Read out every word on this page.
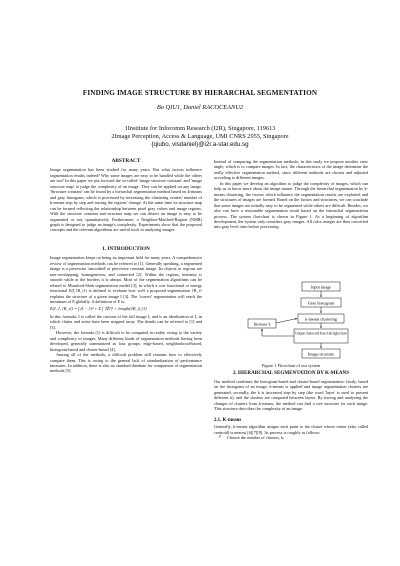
FINDING IMAGE STRUCTURE BY HIERARCHAL SEGMENTATION
Bo QIU1, Daniel RACOCEANU2
1Institute for Infocomm Research (I2R), Singapore, 119613
2Image Perception, Access & Language, UMI CNRS 2955, Singapore
{qiubo, visdaniel}@i2r.a-star.edu.sg

ABSTRACT

Image segmentation has been studied for many years. But what factors influence segmentation results indeed? Why some images are easy to be handled while the others are not? In this paper we put forward the so-called 'image structure constant' and 'image structure map' to judge the complexity of an image. They can be applied on any image. 'Structure constant' can be found by a hierarchal segmentation method based on k-means and gray histogram, which is processed by increasing the clustering centers' number of k-means step by step and tracing the regions' change. At the same time its structure map can be formed reflecting the relationship between pixel gray values and image regions. With the structure constant and structure map we can dissect an image is easy to be segmented or not, quantitatively. Furthermore, a Neighbor-Matched-Region (NMR) graph is designed to judge an image's complexity. Experiments show that the proposed concepts and the relevant algorithms are useful tools in analyzing images.

1. INTRODUCTION

Image segmentation keeps on being an important field for many years. A comprehensive review of segmentation methods can be referred to [1]. Generally speaking, a segmented image is a piecewise 'smoothed' or piecewise constant image. Its objects or regions are non-overlapping, homogeneous, and connected [2]. Within the regions, intensity is smooth while at the borders it is abrupt. Most of the segmentation algorithms can be related to Mumford-Shah segmentation model [3], in which a cost functional or energy functional E(I,{R_i}) is defined to evaluate how well a proposed segmentation {R_i} explains the structure of a given image I [3]. The 'correct' segmentation will reach the minimum of E globally. A definition of E is:

E(I, J, {R_i}) = ∫ (I − J)² + Σ ∫ |∇J|² + length(∂R_i) (1)

In this formula, I is called the cartoon of the full image I, and is an idealization of I, in which clutter and noise have been stripped away. The details can be referred to [1] and [3].

However, the formula (1) is difficult to be computed in reality owing to the variety and complexity of images. Many different kinds of segmentation methods having been developed, generally summarized as four groups: edge-based, neighborhood-based, histogram-based and cluster-based [4].

Among all of the methods, a difficult problem still remains how to effectively compare them. This is owing to the general lack of standardization of performance measures. In addition, there is also no standard database for comparison of segmentation methods [5].

Instead of comparing the segmentation methods, in this study we propose another view angle, which is to compare images. In fact, the characteristics of the image determine the really effective segmentation method, since different methods are chosen and adjusted according to different images.

In this paper we develop an algorithm to judge the complexity of images, which can help us to know more about the image nature. Through the hierarchal segmentation by k-means clustering, the factors which influence the segmentation results are exploited and the structures of images are formed. Based on the factors and structures, we can conclude that some images are initially easy to be segmented while others are difficult. Besides, we also can have a reasonable segmentation result based on the hierarchal segmentation process. The system flowchart is shown in Figure 1. As a beginning of algorithm development, the system only considers gray images. All color images are then converted into gray level ones before processing.

Input image
Gray histogram
k-means clustering
Compare clusters with those in the higher layers
Image structure
Increase k

Figure 1 Flowchart of our system

2. HIERARCHAL SEGMENTATION BY K-MEANS

Our method combines the histogram-based and cluster-based segmentation: firstly, based on the histogram of an image, k-means is applied and image segmentation clusters are generated; secondly, the k is increased step by step (the word 'layer' is used to present different k), and the clusters are compared between layers. By tracing and analyzing the changes of clusters from k-means, the method can find a tree structure for each image. This structure describes the complexity of an image.

2.1. K-means

Generally, k-means algorithm assigns each point to the cluster whose center (also called centroid) is nearest [6][7][8]. Its process is roughly as follows:

✓ Choose the number of clusters, k;
